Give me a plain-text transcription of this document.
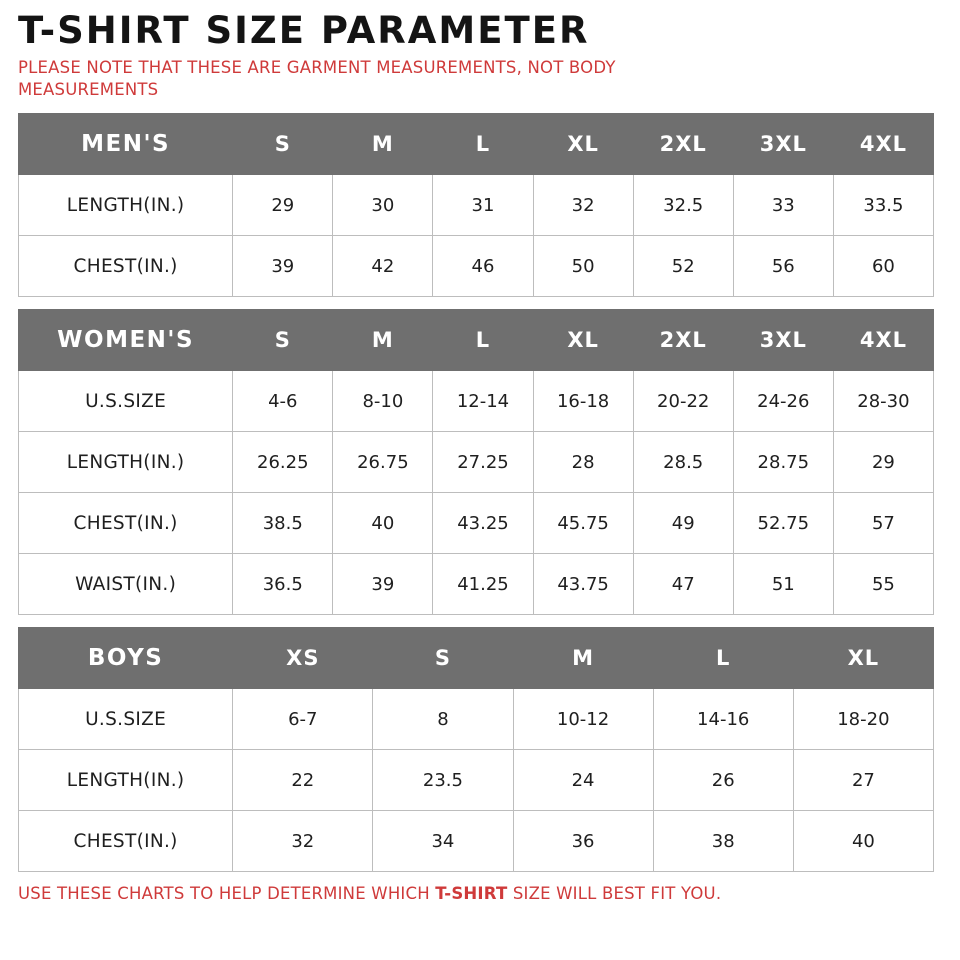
T-SHIRT SIZE PARAMETER
PLEASE NOTE THAT THESE ARE GARMENT MEASUREMENTS, NOT BODY MEASUREMENTS
MEN'S	S	M	L	XL	2XL	3XL	4XL
LENGTH(IN.)	29	30	31	32	32.5	33	33.5
CHEST(IN.)	39	42	46	50	52	56	60
WOMEN'S	S	M	L	XL	2XL	3XL	4XL
U.S.SIZE	4-6	8-10	12-14	16-18	20-22	24-26	28-30
LENGTH(IN.)	26.25	26.75	27.25	28	28.5	28.75	29
CHEST(IN.)	38.5	40	43.25	45.75	49	52.75	57
WAIST(IN.)	36.5	39	41.25	43.75	47	51	55
BOYS	XS	S	M	L	XL
U.S.SIZE	6-7	8	10-12	14-16	18-20
LENGTH(IN.)	22	23.5	24	26	27
CHEST(IN.)	32	34	36	38	40
USE THESE CHARTS TO HELP DETERMINE WHICH T-SHIRT SIZE WILL BEST FIT YOU.
